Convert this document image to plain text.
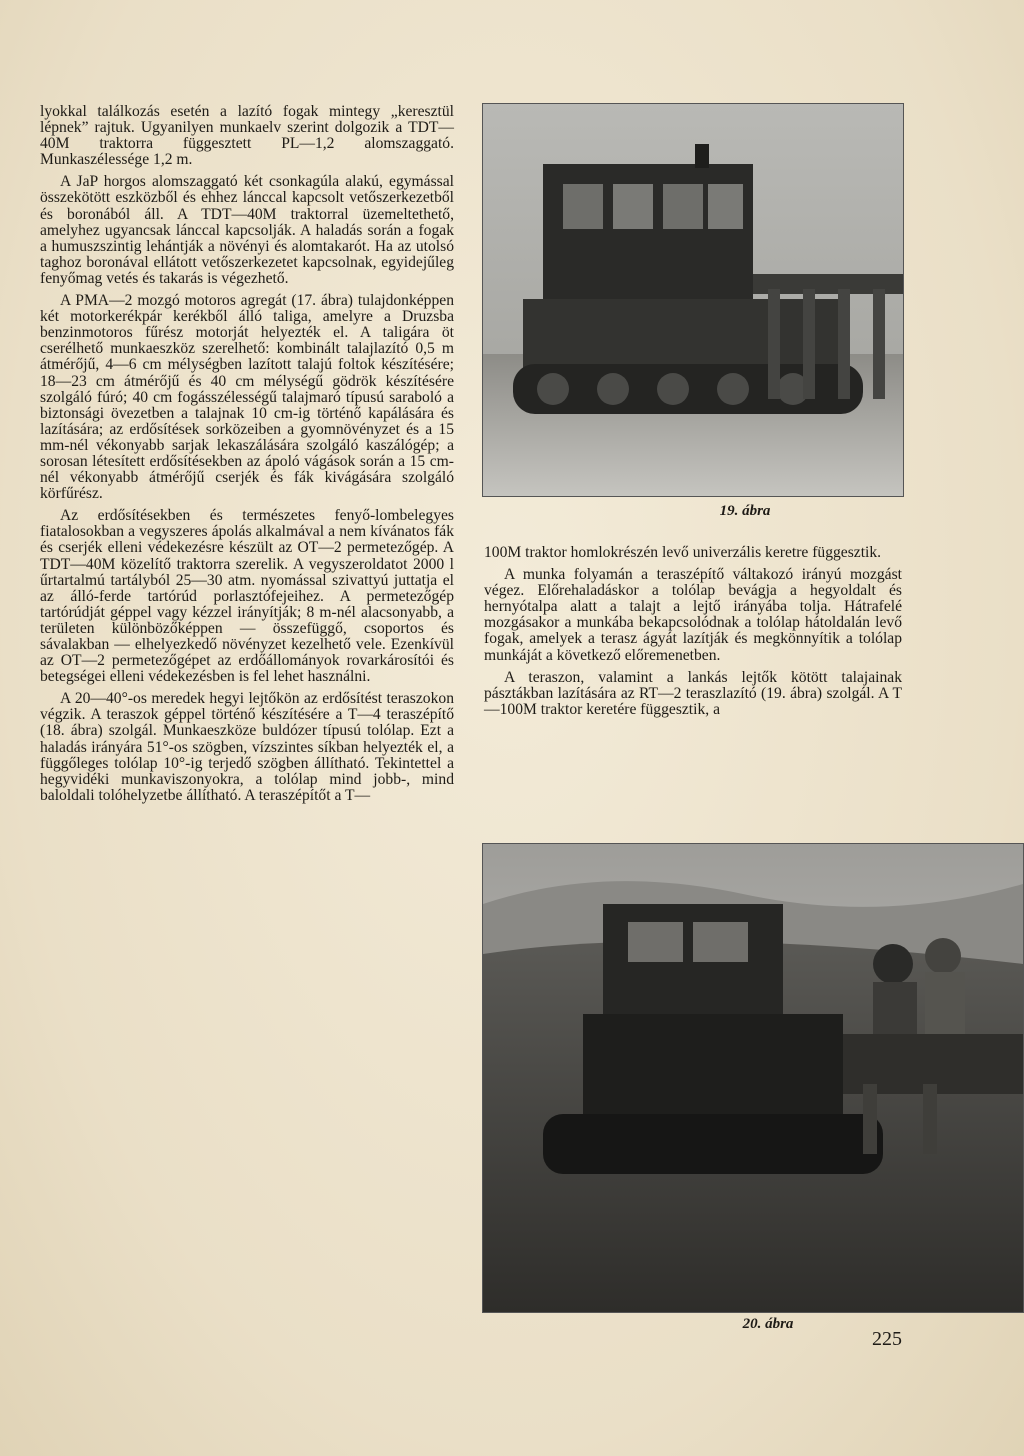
lyokkal találkozás esetén a lazító fogak mintegy „keresztül lépnek” rajtuk. Ugyanilyen munkaelv szerint dolgozik a TDT—40M traktorra függesztett PL—1,2 alomszaggató. Munkaszélessége 1,2 m.

A JaP horgos alomszaggató két csonkagúla alakú, egymással összekötött eszközből és ehhez lánccal kapcsolt vetőszerkezetből és boronából áll. A TDT—40M traktorral üzemeltethető, amelyhez ugyancsak lánccal kapcsolják. A haladás során a fogak a humuszszintig lehántják a növényi és alomtakarót. Ha az utolsó taghoz boronával ellátott vetőszerkezetet kapcsolnak, egyidejűleg fenyőmag vetés és takarás is végezhető.

A PMA—2 mozgó motoros agregát (17. ábra) tulajdonképpen két motorkerékpár kerékből álló taliga, amelyre a Druzsba benzinmotoros fűrész motorját helyezték el. A taligára öt cserélhető munkaeszköz szerelhető: kombinált talajlazító 0,5 m átmérőjű, 4—6 cm mélységben lazított talajú foltok készítésére; 18—23 cm átmérőjű és 40 cm mélységű gödrök készítésére szolgáló fúró; 40 cm fogásszélességű talajmaró típusú saraboló a biztonsági övezetben a talajnak 10 cm-ig történő kapálására és lazítására; az erdősítések sorközeiben a gyomnövényzet és a 15 mm-nél vékonyabb sarjak lekaszálására szolgáló kaszálógép; a sorosan létesített erdősítésekben az ápoló vágások során a 15 cm-nél vékonyabb átmérőjű cserjék és fák kivágására szolgáló körfűrész.

Az erdősítésekben és természetes fenyő-lombelegyes fiatalosokban a vegyszeres ápolás alkalmával a nem kívánatos fák és cserjék elleni védekezésre készült az OT—2 permetezőgép. A TDT—40M közelítő traktorra szerelik. A vegyszeroldatot 2000 l űrtartalmú tartályból 25—30 atm. nyomással szivattyú juttatja el az álló-ferde tartórúd porlasztófejeihez. A permetezőgép tartórúdját géppel vagy kézzel irányítják; 8 m-nél alacsonyabb, a területen különbözőképpen — összefüggő, csoportos és sávalakban — elhelyezkedő növényzet kezelhető vele. Ezenkívül az OT—2 permetezőgépet az erdőállományok rovarkárosítói és betegségei elleni védekezésben is fel lehet használni.

A 20—40°-os meredek hegyi lejtőkön az erdősítést teraszokon végzik. A teraszok géppel történő készítésére a T—4 teraszépítő (18. ábra) szolgál. Munkaeszköze buldózer típusú tolólap. Ezt a haladás irányára 51°-os szögben, vízszintes síkban helyezték el, a függőleges tolólap 10°-ig terjedő szögben állítható. Tekintettel a hegyvidéki munkaviszonyokra, a tolólap mind jobb-, mind baloldali tolóhelyzetbe állítható. A teraszépítőt a T—

19. ábra

100M traktor homlokrészén levő univerzális keretre függesztik.

A munka folyamán a teraszépítő váltakozó irányú mozgást végez. Előrehaladáskor a tolólap bevágja a hegyoldalt és hernyótalpa alatt a talajt a lejtő irányába tolja. Hátrafelé mozgásakor a munkába bekapcsolódnak a tolólap hátoldalán levő fogak, amelyek a terasz ágyát lazítják és megkönnyítik a tolólap munkáját a következő előremenetben.

A teraszon, valamint a lankás lejtők kötött talajainak pásztákban lazítására az RT—2 teraszlazító (19. ábra) szolgál. A T—100M traktor keretére függesztik, a

20. ábra
225
